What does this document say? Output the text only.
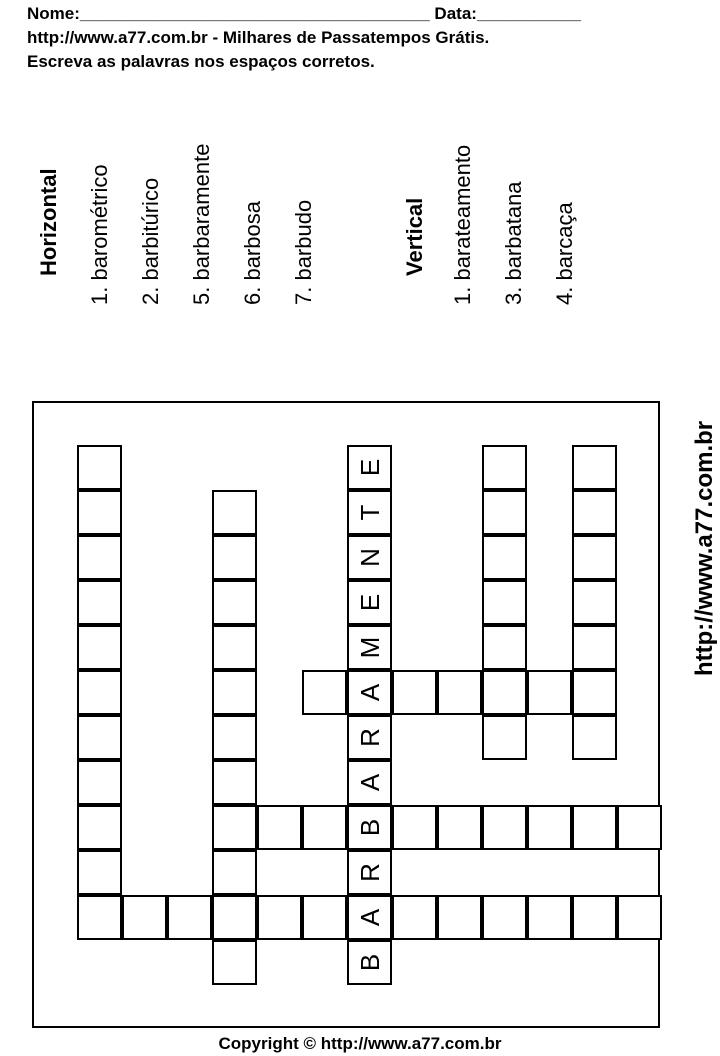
Nome:_____________________________________ Data:___________
http://www.a77.com.br - Milhares de Passatempos Grátis.
Escreva as palavras nos espaços corretos.
Horizontal 1. barométrico 2. barbitúrico 5. barbaramente 6. barbosa 7. barbudo	Vertical 1. barateamento 3. barbatana 4. barcaça
http://www.a77.com.br
B
A
R
B
A
R
A
M
E
N
T
E
Copyright © http://www.a77.com.br
